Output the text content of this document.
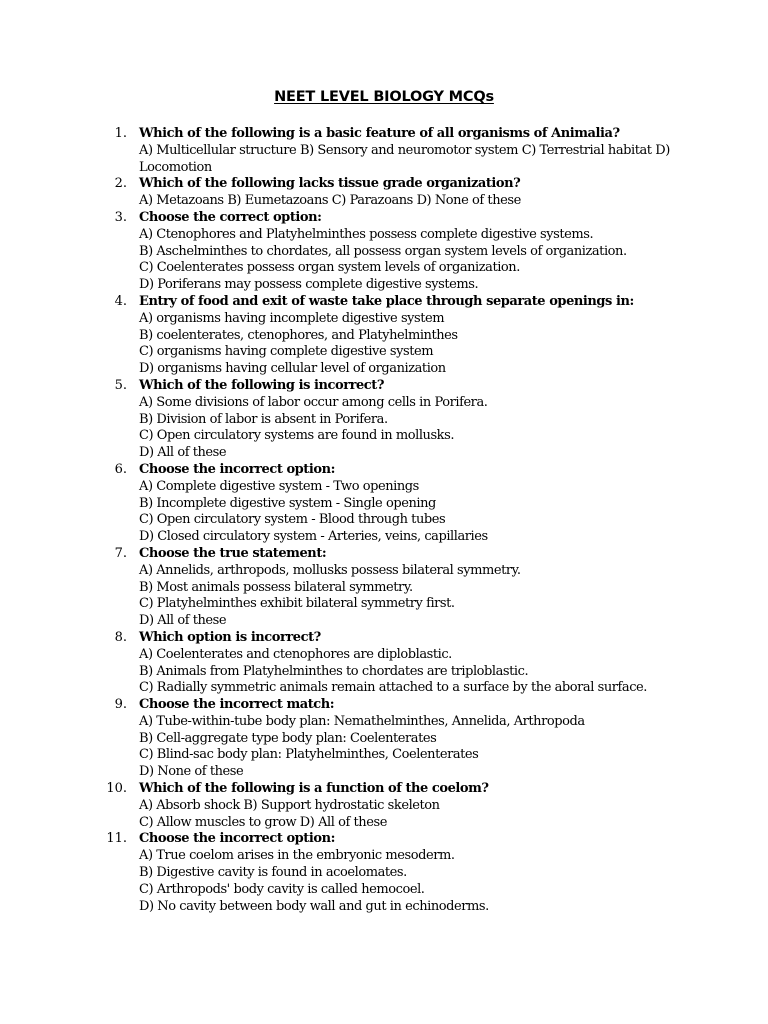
NEET LEVEL BIOLOGY MCQs
1. Which of the following is a basic feature of all organisms of Animalia?
A) Multicellular structure B) Sensory and neuromotor system C) Terrestrial habitat D) Locomotion
2. Which of the following lacks tissue grade organization?
A) Metazoans B) Eumetazoans C) Parazoans D) None of these
3. Choose the correct option:
A) Ctenophores and Platyhelminthes possess complete digestive systems.
B) Aschelminthes to chordates, all possess organ system levels of organization.
C) Coelenterates possess organ system levels of organization.
D) Poriferans may possess complete digestive systems.
4. Entry of food and exit of waste take place through separate openings in:
A) organisms having incomplete digestive system
B) coelenterates, ctenophores, and Platyhelminthes
C) organisms having complete digestive system
D) organisms having cellular level of organization
5. Which of the following is incorrect?
A) Some divisions of labor occur among cells in Porifera.
B) Division of labor is absent in Porifera.
C) Open circulatory systems are found in mollusks.
D) All of these
6. Choose the incorrect option:
A) Complete digestive system - Two openings
B) Incomplete digestive system - Single opening
C) Open circulatory system - Blood through tubes
D) Closed circulatory system - Arteries, veins, capillaries
7. Choose the true statement:
A) Annelids, arthropods, mollusks possess bilateral symmetry.
B) Most animals possess bilateral symmetry.
C) Platyhelminthes exhibit bilateral symmetry first.
D) All of these
8. Which option is incorrect?
A) Coelenterates and ctenophores are diploblastic.
B) Animals from Platyhelminthes to chordates are triploblastic.
C) Radially symmetric animals remain attached to a surface by the aboral surface.
9. Choose the incorrect match:
A) Tube-within-tube body plan: Nemathelminthes, Annelida, Arthropoda
B) Cell-aggregate type body plan: Coelenterates
C) Blind-sac body plan: Platyhelminthes, Coelenterates
D) None of these
10. Which of the following is a function of the coelom?
A) Absorb shock B) Support hydrostatic skeleton
C) Allow muscles to grow D) All of these
11. Choose the incorrect option:
A) True coelom arises in the embryonic mesoderm.
B) Digestive cavity is found in acoelomates.
C) Arthropods' body cavity is called hemocoel.
D) No cavity between body wall and gut in echinoderms.
